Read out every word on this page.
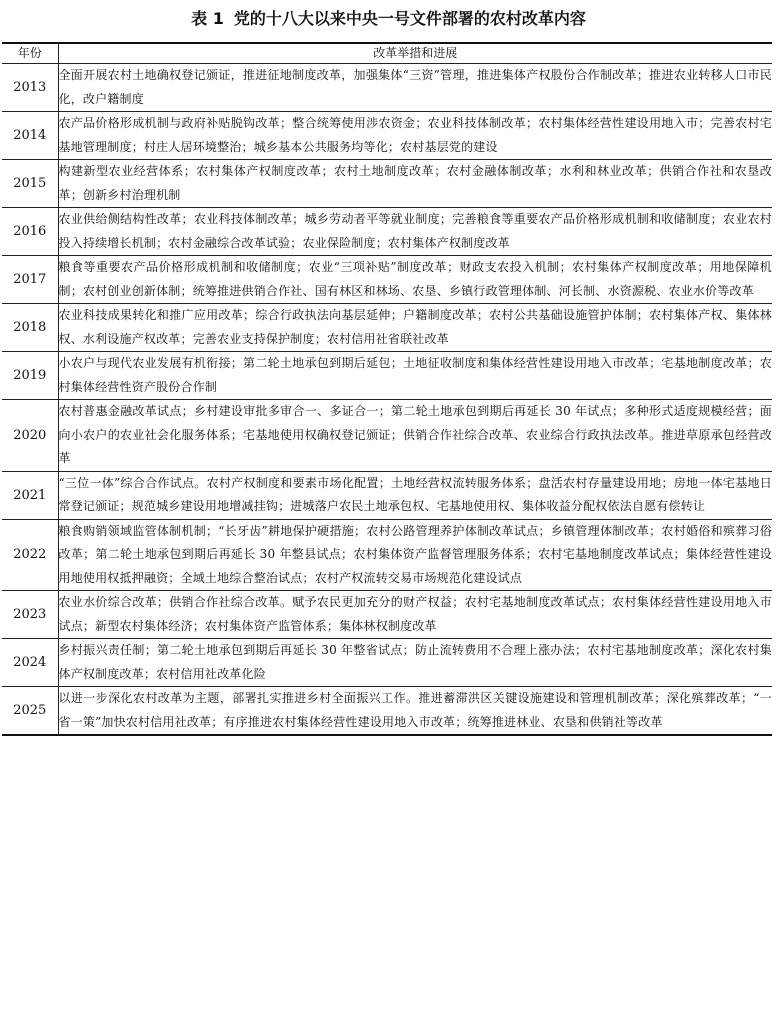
表 1 党的十八大以来中央一号文件部署的农村改革内容
年份	改革举措和进展
2013	全面开展农村土地确权登记颁证，推进征地制度改革，加强集体“三资”管理，推进集体产权股份合作制改革；推进农业转移人口市民化，改户籍制度
2014	农产品价格形成机制与政府补贴脱钩改革；整合统筹使用涉农资金；农业科技体制改革；农村集体经营性建设用地入市；完善农村宅基地管理制度；村庄人居环境整治；城乡基本公共服务均等化；农村基层党的建设
2015	构建新型农业经营体系；农村集体产权制度改革；农村土地制度改革；农村金融体制改革；水利和林业改革；供销合作社和农垦改革；创新乡村治理机制
2016	农业供给侧结构性改革；农业科技体制改革；城乡劳动者平等就业制度；完善粮食等重要农产品价格形成机制和收储制度；农业农村投入持续增长机制；农村金融综合改革试验；农业保险制度；农村集体产权制度改革
2017	粮食等重要农产品价格形成机制和收储制度；农业“三项补贴”制度改革；财政支农投入机制；农村集体产权制度改革；用地保障机制；农村创业创新体制；统筹推进供销合作社、国有林区和林场、农垦、乡镇行政管理体制、河长制、水资源税、农业水价等改革
2018	农业科技成果转化和推广应用改革；综合行政执法向基层延伸；户籍制度改革；农村公共基础设施管护体制；农村集体产权、集体林权、水利设施产权改革；完善农业支持保护制度；农村信用社省联社改革
2019	小农户与现代农业发展有机衔接；第二轮土地承包到期后延包；土地征收制度和集体经营性建设用地入市改革；宅基地制度改革；农村集体经营性资产股份合作制
2020	农村普惠金融改革试点；乡村建设审批多审合一、多证合一；第二轮土地承包到期后再延长 30 年试点；多种形式适度规模经营；面向小农户的农业社会化服务体系；宅基地使用权确权登记颁证；供销合作社综合改革、农业综合行政执法改革。推进草原承包经营改革
2021	“三位一体”综合合作试点。农村产权制度和要素市场化配置；土地经营权流转服务体系；盘活农村存量建设用地；房地一体宅基地日常登记颁证；规范城乡建设用地增减挂钩；进城落户农民土地承包权、宅基地使用权、集体收益分配权依法自愿有偿转让
2022	粮食购销领域监管体制机制；“长牙齿”耕地保护硬措施；农村公路管理养护体制改革试点；乡镇管理体制改革；农村婚俗和殡葬习俗改革；第二轮土地承包到期后再延长 30 年整县试点；农村集体资产监督管理服务体系；农村宅基地制度改革试点；集体经营性建设用地使用权抵押融资；全域土地综合整治试点；农村产权流转交易市场规范化建设试点
2023	农业水价综合改革；供销合作社综合改革。赋予农民更加充分的财产权益；农村宅基地制度改革试点；农村集体经营性建设用地入市试点；新型农村集体经济；农村集体资产监管体系；集体林权制度改革
2024	乡村振兴责任制；第二轮土地承包到期后再延长 30 年整省试点；防止流转费用不合理上涨办法；农村宅基地制度改革；深化农村集体产权制度改革；农村信用社改革化险
2025	以进一步深化农村改革为主题，部署扎实推进乡村全面振兴工作。推进蓄滞洪区关键设施建设和管理机制改革；深化殡葬改革；“一省一策”加快农村信用社改革；有序推进农村集体经营性建设用地入市改革；统筹推进林业、农垦和供销社等改革
